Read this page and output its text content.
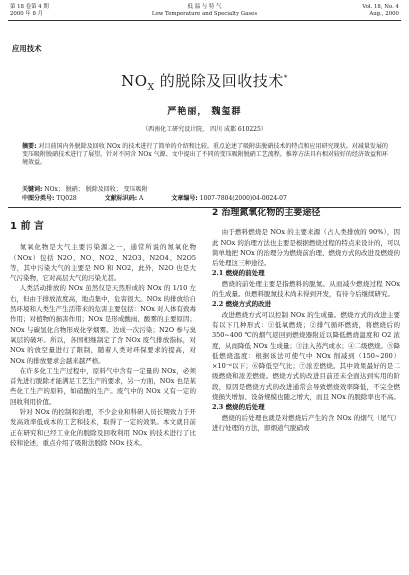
第 18 卷第 4 期
2000 年 8 月
低 温 与 特 气
Low Temperature and Specialty Gases
Vol. 18, No. 4
Aug., 2000
应用技术
$NO_X$ 的脱除及回收技术*
严艳丽， 魏玺群
（西南化工研究设计院， 四川 成都 610225）
摘要: 对目前国内外脱除及回收 NOx 的技术进行了简单的介绍和比较。重点论述了吸附法脱硝技术的特点和应用研究现状。对减量发展的变压吸附脱硝技术进行了展望。针对不同含 NOx 气源、文中提出了不同的变压吸附脱硝工艺流程，推荐方法具有相对较好的经济效益和环境效益。
关键词: NOx； 脱硝； 脱除及回收； 变压吸附
中图分类号: TQ028	文献标识码: A	文章编号: 1007-7804(2000)04-0024-07
1 前 言

氮氧化物是大气主要污染源之一，通常所说的氮氧化物（NOx）包括 N2O、NO、NO2、N2O3、N2O4、N2O5 等，其中污染大气的主要是 NO 和 NO2，此外，N2O 也是大气污染物，它对高层大气的污染尤甚。

人类活动排放的 NOx 虽然仅是天然形成的 NOx 的 1/10 左右，但由于排放浓度高，地点集中，危害很大。NOx 的排放给自然环境和人类生产生活带来的危害主要包括：NOx 对人体有致毒作用；对植物的损害作用；NOx 是形成酸雨、酸雾的主要原因；NOx 与碳氢化合物形成化学烟雾。边成一次污染；N2O 参与臭氧层的破坏。所以，各国相继制定了含 NOx 废气排放指标，对 NOx 的放空量进行了限制，随着人类对环保要求的提高，对 NOx 的排放要求会越来越严格。

在许多化工生产过程中，原料气中含有一定量的 NOx，必须首先进行脱除才能满足工艺生产的要求，另一方面，NOx 也是某些化工生产的原料，如硝酸的生产。废气中的 NOx 又有一定的回收利用价值。

针对 NOx 的控制和治理，不少企业和科研人员长期致力于开发高效率低成本的工艺和技术，取得了一定的效果。本文就目前正在研究和已经工业化的脱除及回收利用 NOx 的技术进行了比较和论述，重点介绍了吸附法脱除 NOx 技术。

2 治理氮氧化物的主要途径

由于燃料燃烧是 NOx 的主要来源（占人类排放的 90%），因此 NOx 的治理方法也主要是根据燃烧过程的特点来设计的，可以简单地把 NOx 的治理分为燃烧前治理、燃烧方式的改进及燃烧的后处理这三种途径。

2.1 燃烧的前处理

燃烧的前处理主要是指燃料的脱氮。从而减少燃烧过程 NOx 的生成量。但燃料脱氮技术尚未得到开发，有待今后继续研究。

2.2 燃烧方式的改进

改进燃烧方式可以控制 NOx 的生成量。燃烧方式的改进主要有以下几种形式：①低氧燃烧；②排气循环燃烧，将燃烧后的 350~400 ℃的烟气返回到燃烧器附近以降低燃烧温度和 O2 浓度，从而降低 NOx 生成量；③注入蒸汽或水；④二级燃烧。⑤降低燃烧温度：根据该法可使气中 NOx 削减到（150~200）×10⁻⁶以下；⑥降低空气比；⑦浓差燃烧。其中效果最好的是二级燃烧和浓差燃烧。燃烧方式的改进目前还未全面达到实用的阶段，原因是燃烧方式的改进通常会导致燃烧效率降低，不完全燃烧损失增加、设备规模也随之增大，而且 NOx 的脱除率也不高。

2.3 燃烧的后处理

燃烧的后处理也就是对燃烧后产生的含 NOx 的烟气（尾气）进行处理的方法，即烟道气脱硝或
